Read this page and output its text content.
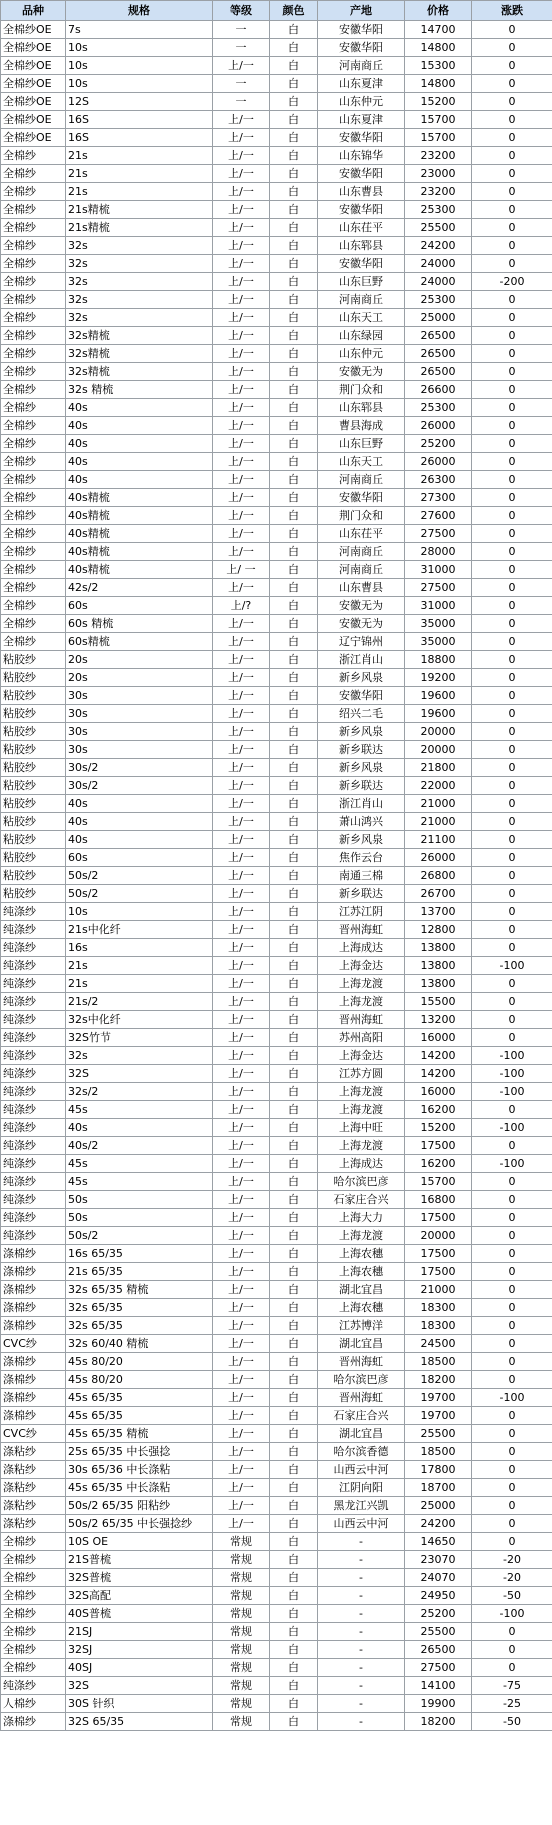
品种	规格	等级	颜色	产地	价格	涨跌
全棉纱OE	7s	一	白	安徽华阳	14700	0
全棉纱OE	10s	一	白	安徽华阳	14800	0
全棉纱OE	10s	上/一	白	河南商丘	15300	0
全棉纱OE	10s	一	白	山东夏津	14800	0
全棉纱OE	12S	一	白	山东仲元	15200	0
全棉纱OE	16S	上/一	白	山东夏津	15700	0
全棉纱OE	16S	上/一	白	安徽华阳	15700	0
全棉纱	21s	上/一	白	山东锦华	23200	0
全棉纱	21s	上/一	白	安徽华阳	23000	0
全棉纱	21s	上/一	白	山东曹县	23200	0
全棉纱	21s精梳	上/一	白	安徽华阳	25300	0
全棉纱	21s精梳	上/一	白	山东茌平	25500	0
全棉纱	32s	上/一	白	山东郓县	24200	0
全棉纱	32s	上/一	白	安徽华阳	24000	0
全棉纱	32s	上/一	白	山东巨野	24000	-200
全棉纱	32s	上/一	白	河南商丘	25300	0
全棉纱	32s	上/一	白	山东天工	25000	0
全棉纱	32s精梳	上/一	白	山东绿园	26500	0
全棉纱	32s精梳	上/一	白	山东仲元	26500	0
全棉纱	32s精梳	上/一	白	安徽无为	26500	0
全棉纱	32s 精梳	上/一	白	荆门众和	26600	0
全棉纱	40s	上/一	白	山东郓县	25300	0
全棉纱	40s	上/一	白	曹县海成	26000	0
全棉纱	40s	上/一	白	山东巨野	25200	0
全棉纱	40s	上/一	白	山东天工	26000	0
全棉纱	40s	上/一	白	河南商丘	26300	0
全棉纱	40s精梳	上/一	白	安徽华阳	27300	0
全棉纱	40s精梳	上/一	白	荆门众和	27600	0
全棉纱	40s精梳	上/一	白	山东茌平	27500	0
全棉纱	40s精梳	上/一	白	河南商丘	28000	0
全棉纱	40s精梳	上/ 一	白	河南商丘	31000	0
全棉纱	42s/2	上/一	白	山东曹县	27500	0
全棉纱	60s	上/?	白	安徽无为	31000	0
全棉纱	60s 精梳	上/一	白	安徽无为	35000	0
全棉纱	60s精梳	上/一	白	辽宁锦州	35000	0
粘胶纱	20s	上/一	白	浙江肖山	18800	0
粘胶纱	20s	上/一	白	新乡风泉	19200	0
粘胶纱	30s	上/一	白	安徽华阳	19600	0
粘胶纱	30s	上/一	白	绍兴二毛	19600	0
粘胶纱	30s	上/一	白	新乡风泉	20000	0
粘胶纱	30s	上/一	白	新乡联达	20000	0
粘胶纱	30s/2	上/一	白	新乡风泉	21800	0
粘胶纱	30s/2	上/一	白	新乡联达	22000	0
粘胶纱	40s	上/一	白	浙江肖山	21000	0
粘胶纱	40s	上/一	白	萧山鸿兴	21000	0
粘胶纱	40s	上/一	白	新乡风泉	21100	0
粘胶纱	60s	上/一	白	焦作云台	26000	0
粘胶纱	50s/2	上/一	白	南通三棉	26800	0
粘胶纱	50s/2	上/一	白	新乡联达	26700	0
纯涤纱	10s	上/一	白	江苏江阴	13700	0
纯涤纱	21s中化纤	上/一	白	晋州海虹	12800	0
纯涤纱	16s	上/一	白	上海成达	13800	0
纯涤纱	21s	上/一	白	上海金达	13800	-100
纯涤纱	21s	上/一	白	上海龙渡	13800	0
纯涤纱	21s/2	上/一	白	上海龙渡	15500	0
纯涤纱	32s中化纤	上/一	白	晋州海虹	13200	0
纯涤纱	32S竹节	上/一	白	苏州高阳	16000	0
纯涤纱	32s	上/一	白	上海金达	14200	-100
纯涤纱	32S	上/一	白	江苏方圆	14200	-100
纯涤纱	32s/2	上/一	白	上海龙渡	16000	-100
纯涤纱	45s	上/一	白	上海龙渡	16200	0
纯涤纱	40s	上/一	白	上海中旺	15200	-100
纯涤纱	40s/2	上/一	白	上海龙渡	17500	0
纯涤纱	45s	上/一	白	上海成达	16200	-100
纯涤纱	45s	上/一	白	哈尔滨巴彦	15700	0
纯涤纱	50s	上/一	白	石家庄合兴	16800	0
纯涤纱	50s	上/一	白	上海大力	17500	0
纯涤纱	50s/2	上/一	白	上海龙渡	20000	0
涤棉纱	16s 65/35	上/一	白	上海农穗	17500	0
涤棉纱	21s 65/35	上/一	白	上海农穗	17500	0
涤棉纱	32s 65/35 精梳	上/一	白	湖北宜昌	21000	0
涤棉纱	32s 65/35	上/一	白	上海农穗	18300	0
涤棉纱	32s 65/35	上/一	白	江苏博洋	18300	0
CVC纱	32s 60/40 精梳	上/一	白	湖北宜昌	24500	0
涤棉纱	45s 80/20	上/一	白	晋州海虹	18500	0
涤棉纱	45s 80/20	上/一	白	哈尔滨巴彦	18200	0
涤棉纱	45s 65/35	上/一	白	晋州海虹	19700	-100
涤棉纱	45s 65/35	上/一	白	石家庄合兴	19700	0
CVC纱	45s 65/35 精梳	上/一	白	湖北宜昌	25500	0
涤粘纱	25s 65/35 中长强捻	上/一	白	哈尔滨香德	18500	0
涤粘纱	30s 65/36 中长涤粘	上/一	白	山西云中河	17800	0
涤粘纱	45s 65/35 中长涤粘	上/一	白	江阴向阳	18700	0
涤粘纱	50s/2 65/35 阳粘纱	上/一	白	黑龙江兴凯	25000	0
涤粘纱	50s/2 65/35 中长强捻纱	上/一	白	山西云中河	24200	0
全棉纱	10S OE	常规	白	-	14650	0
全棉纱	21S普梳	常规	白	-	23070	-20
全棉纱	32S普梳	常规	白	-	24070	-20
全棉纱	32S高配	常规	白	-	24950	-50
全棉纱	40S普梳	常规	白	-	25200	-100
全棉纱	21SJ	常规	白	-	25500	0
全棉纱	32SJ	常规	白	-	26500	0
全棉纱	40SJ	常规	白	-	27500	0
纯涤纱	32S	常规	白	-	14100	-75
人棉纱	30S 针织	常规	白	-	19900	-25
涤棉纱	32S 65/35	常规	白	-	18200	-50
